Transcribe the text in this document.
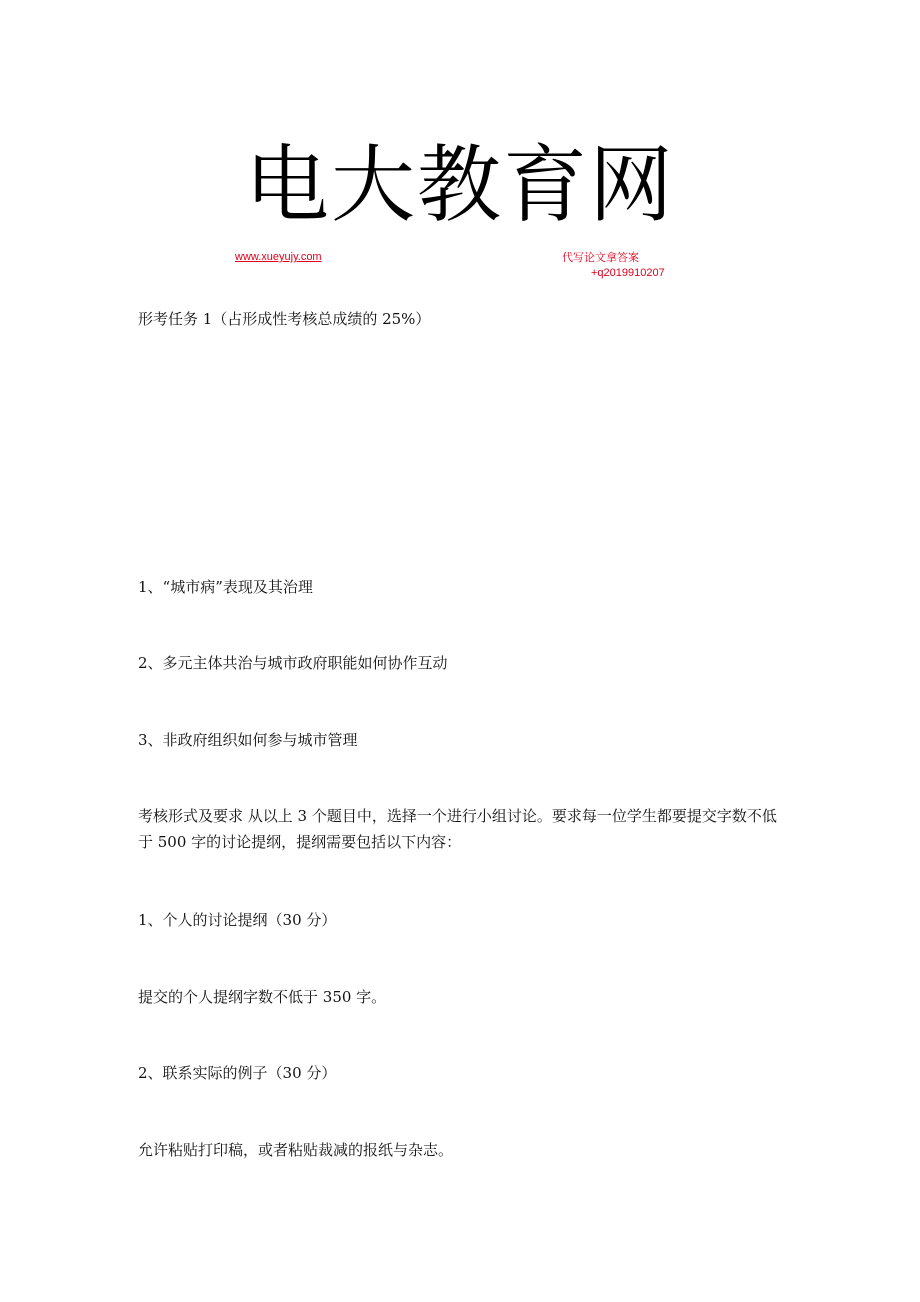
电大教育网
www.xueyujy.com	代写论文拿答案
+q2019910207
形考任务 1（占形成性考核总成绩的 25%）
1、“城市病”表现及其治理
2、多元主体共治与城市政府职能如何协作互动
3、非政府组织如何参与城市管理
考核形式及要求 从以上 3 个题目中，选择一个进行小组讨论。要求每一位学生都要提交字数不低于 500 字的讨论提纲，提纲需要包括以下内容：
1、个人的讨论提纲（30 分）
提交的个人提纲字数不低于 350 字。
2、联系实际的例子（30 分）
允许粘贴打印稿，或者粘贴裁减的报纸与杂志。
